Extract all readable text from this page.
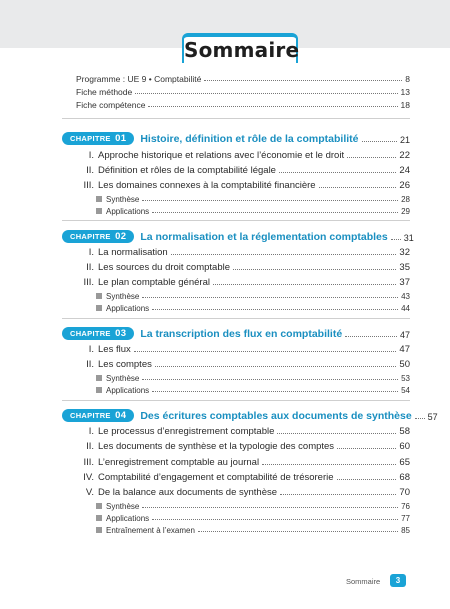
Sommaire
Programme : UE 9 • Comptabilité	8
Fiche méthode	13
Fiche compétence	18
CHAPITRE 01	Histoire, définition et rôle de la comptabilité	21
I. Approche historique et relations avec l’économie et le droit	22
II. Définition et rôles de la comptabilité légale	24
III. Les domaines connexes à la comptabilité financière	26
Synthèse	28
Applications	29
CHAPITRE 02	La normalisation et la réglementation comptables 31
I. La normalisation	32
II. Les sources du droit comptable	35
III. Le plan comptable général	37
Synthèse	43
Applications	44
CHAPITRE 03	La transcription des flux en comptabilité	47
I. Les flux	47
II. Les comptes	50
Synthèse	53
Applications	54
CHAPITRE 04	Des écritures comptables aux documents de synthèse 57
I. Le processus d’enregistrement comptable	58
II. Les documents de synthèse et la typologie des comptes	60
III. L’enregistrement comptable au journal	65
IV. Comptabilité d’engagement et comptabilité de trésorerie	68
V. De la balance aux documents de synthèse	70
Synthèse	76
Applications	77
Entraînement à l’examen	85
Sommaire	3
